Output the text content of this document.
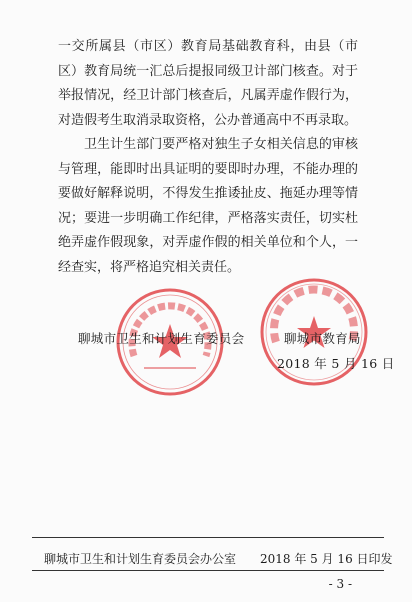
一交所属县（市区）教育局基础教育科，由县（市区）教育局统一汇总后提报同级卫计部门核查。对于举报情况，经卫计部门核查后，凡属弄虚作假行为，对造假考生取消录取资格，公办普通高中不再录取。

卫生计生部门要严格对独生子女相关信息的审核与管理，能即时出具证明的要即时办理，不能办理的要做好解释说明，不得发生推诿扯皮、拖延办理等情况；要进一步明确工作纪律，严格落实责任，切实杜绝弄虚作假现象，对弄虚作假的相关单位和个人，一经查实，将严格追究相关责任。

聊城市卫生和计划生育委员会	聊城市教育局
2018 年 5 月 16 日
聊城市卫生和计划生育委员会办公室 2018 年 5 月 16 日印发
- 3 -
